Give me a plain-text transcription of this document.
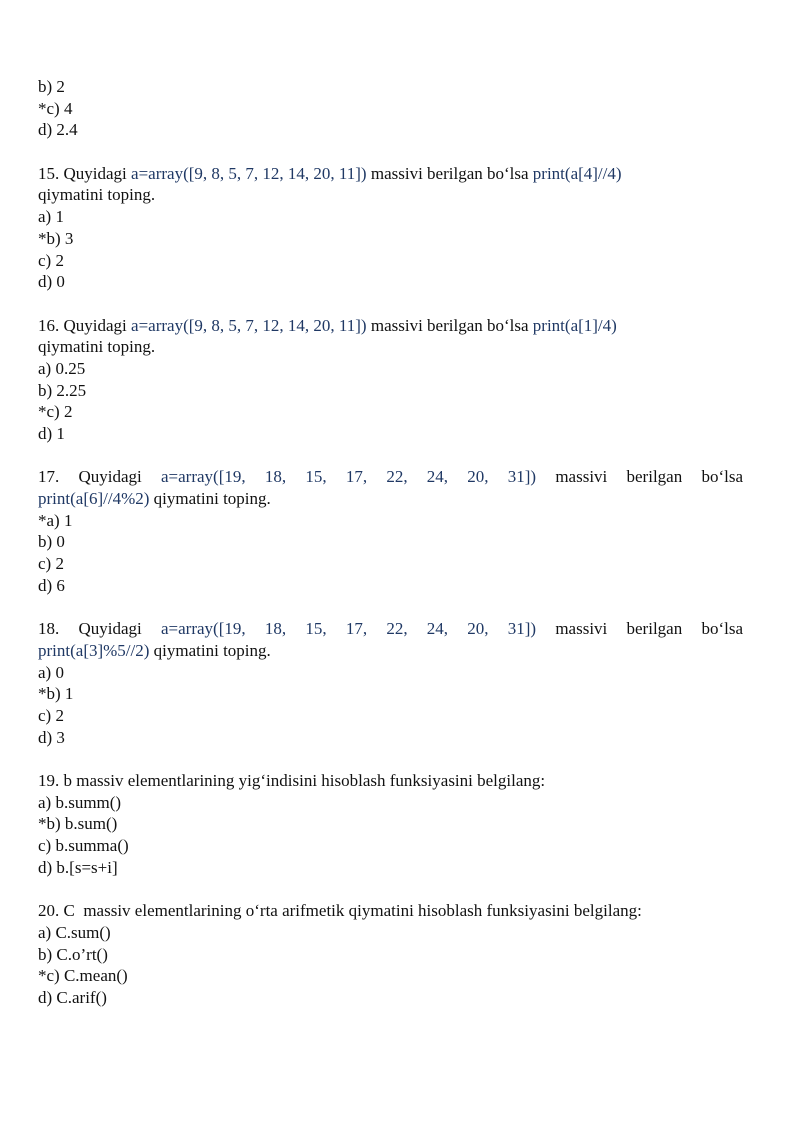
b) 2
*c) 4
d) 2.4
15. Quyidagi a=array([9, 8, 5, 7, 12, 14, 20, 11]) massivi berilgan bo‘lsa print(a[4]//4)
qiymatini toping.
a) 1
*b) 3
c) 2
d) 0
16. Quyidagi a=array([9, 8, 5, 7, 12, 14, 20, 11]) massivi berilgan bo‘lsa print(a[1]/4)
qiymatini toping.
a) 0.25
b) 2.25
*c) 2
d) 1
17. Quyidagi a=array([19, 18, 15, 17, 22, 24, 20, 31]) massivi berilgan bo‘lsa
print(a[6]//4%2) qiymatini toping.
*a) 1
b) 0
c) 2
d) 6
18. Quyidagi a=array([19, 18, 15, 17, 22, 24, 20, 31]) massivi berilgan bo‘lsa
print(a[3]%5//2) qiymatini toping.
a) 0
*b) 1
c) 2
d) 3
19. b massiv elementlarining yig‘indisini hisoblash funksiyasini belgilang:
a) b.summ()
*b) b.sum()
c) b.summa()
d) b.[s=s+i]
20. C  massiv elementlarining o‘rta arifmetik qiymatini hisoblash funksiyasini belgilang:
a) C.sum()
b) C.o’rt()
*c) C.mean()
d) C.arif()
